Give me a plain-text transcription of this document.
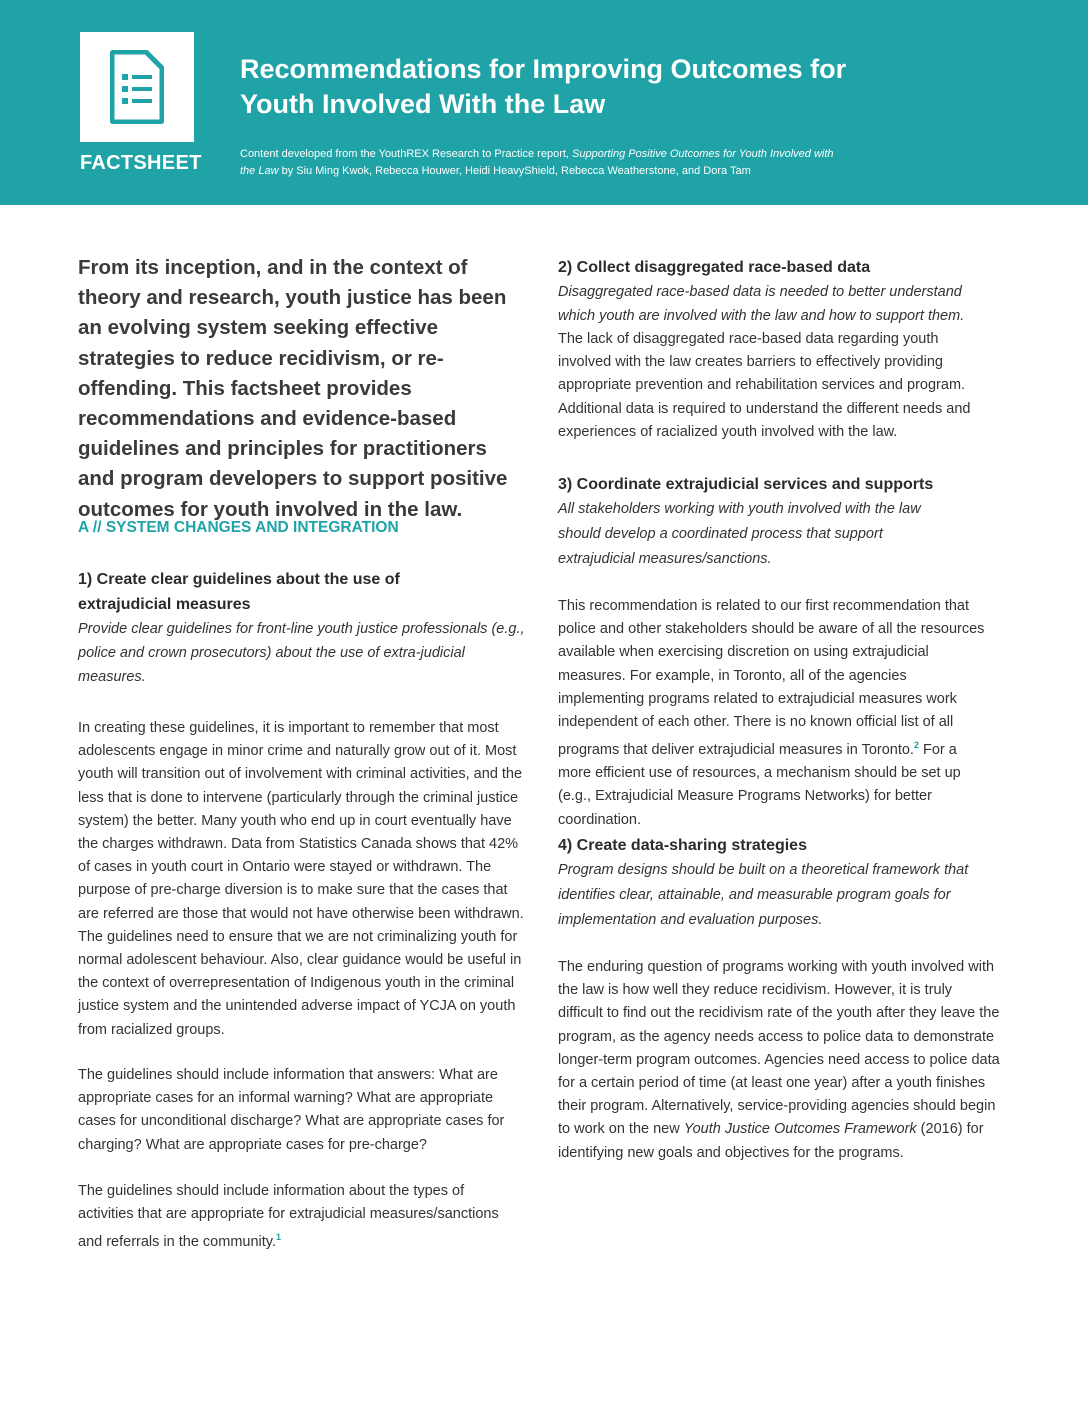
FACTSHEET
Recommendations for Improving Outcomes for Youth Involved With the Law
Content developed from the YouthREX Research to Practice report, Supporting Positive Outcomes for Youth Involved with the Law by Siu Ming Kwok, Rebecca Houwer, Heidi HeavyShield, Rebecca Weatherstone, and Dora Tam

From its inception, and in the context of theory and research, youth justice has been an evolving system seeking effective strategies to reduce recidivism, or re-offending. This factsheet provides recommendations and evidence-based guidelines and principles for practitioners and program developers to support positive outcomes for youth involved in the law.

A // SYSTEM CHANGES AND INTEGRATION
1) Create clear guidelines about the use of extrajudicial measures

Provide clear guidelines for front-line youth justice professionals (e.g., police and crown prosecutors) about the use of extra-judicial measures.

In creating these guidelines, it is important to remember that most adolescents engage in minor crime and naturally grow out of it. Most youth will transition out of involvement with criminal activities, and the less that is done to intervene (particularly through the criminal justice system) the better. Many youth who end up in court eventually have the charges withdrawn. Data from Statistics Canada shows that 42% of cases in youth court in Ontario were stayed or withdrawn. The purpose of pre-charge diversion is to make sure that the cases that are referred are those that would not have otherwise been withdrawn. The guidelines need to ensure that we are not criminalizing youth for normal adolescent behaviour. Also, clear guidance would be useful in the context of overrepresentation of Indigenous youth in the criminal justice system and the unintended adverse impact of YCJA on youth from racialized groups.

The guidelines should include information that answers: What are appropriate cases for an informal warning? What are appropriate cases for unconditional discharge? What are appropriate cases for charging? What are appropriate cases for pre-charge?

The guidelines should include information about the types of activities that are appropriate for extrajudicial measures/sanctions and referrals in the community.$^1$

2) Collect disaggregated race-based data

Disaggregated race-based data is needed to better understand which youth are involved with the law and how to support them.

The lack of disaggregated race-based data regarding youth involved with the law creates barriers to effectively providing appropriate prevention and rehabilitation services and program. Additional data is required to understand the different needs and experiences of racialized youth involved with the law.

3) Coordinate extrajudicial services and supports

All stakeholders working with youth involved with the law should develop a coordinated process that support extrajudicial measures/sanctions.

This recommendation is related to our first recommendation that police and other stakeholders should be aware of all the resources available when exercising discretion on using extrajudicial measures. For example, in Toronto, all of the agencies implementing programs related to extrajudicial measures work independent of each other. There is no known official list of all programs that deliver extrajudicial measures in Toronto.$^2$ For a more efficient use of resources, a mechanism should be set up (e.g., Extrajudicial Measure Programs Networks) for better coordination.

4) Create data-sharing strategies

Program designs should be built on a theoretical framework that identifies clear, attainable, and measurable program goals for implementation and evaluation purposes.

The enduring question of programs working with youth involved with the law is how well they reduce recidivism. However, it is truly difficult to find out the recidivism rate of the youth after they leave the program, as the agency needs access to police data to demonstrate longer-term program outcomes. Agencies need access to police data for a certain period of time (at least one year) after a youth finishes their program. Alternatively, service-providing agencies should begin to work on the new Youth Justice Outcomes Framework (2016) for identifying new goals and objectives for the programs.
